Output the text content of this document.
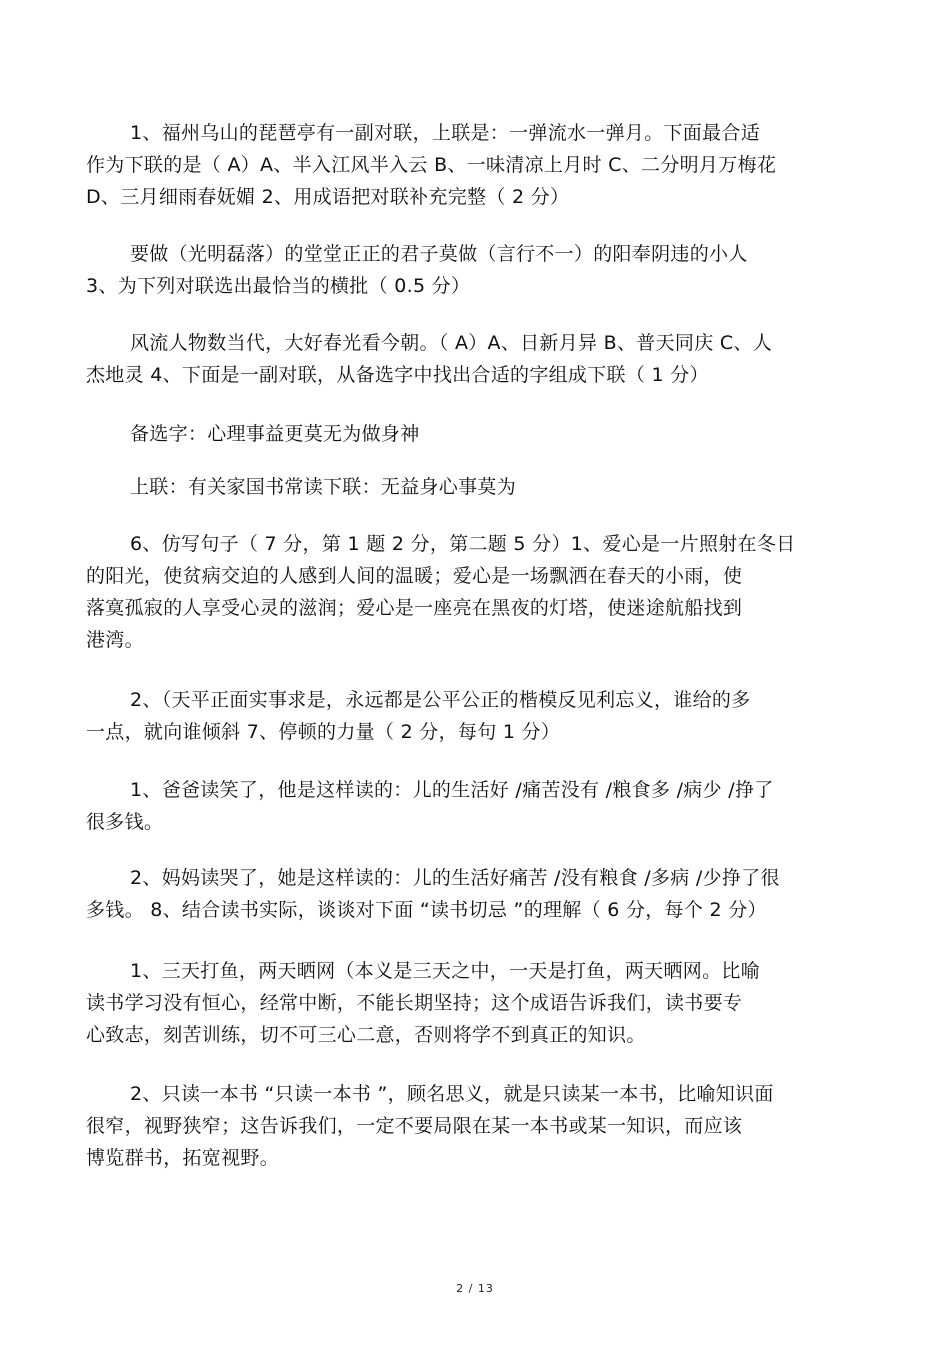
1、福州乌山的琵琶亭有一副对联，上联是：一弹流水一弹月。下面最合适
作为下联的是（ A）A、半入江风半入云 B、一味清凉上月时 C、二分明月万梅花
D、三月细雨春妩媚 2、用成语把对联补充完整（ 2 分）
要做（光明磊落）的堂堂正正的君子莫做（言行不一）的阳奉阴违的小人
3、为下列对联选出最恰当的横批（ 0.5 分）
风流人物数当代，大好春光看今朝。（ A）A、日新月异 B、普天同庆 C、人
杰地灵 4、下面是一副对联，从备选字中找出合适的字组成下联（ 1 分）
备选字：心理事益更莫无为做身神
上联：有关家国书常读下联：无益身心事莫为
6、仿写句子（ 7 分，第 1 题 2 分，第二题 5 分）1、爱心是一片照射在冬日
的阳光，使贫病交迫的人感到人间的温暖；爱心是一场飘洒在春天的小雨，使
落寞孤寂的人享受心灵的滋润；爱心是一座亮在黑夜的灯塔，使迷途航船找到
港湾。
2、（天平正面实事求是，永远都是公平公正的楷模反见利忘义，谁给的多
一点，就向谁倾斜 7、停顿的力量（ 2 分，每句 1 分）
1、爸爸读笑了，他是这样读的：儿的生活好 /痛苦没有 /粮食多 /病少 /挣了
很多钱。
2、妈妈读哭了，她是这样读的：儿的生活好痛苦 /没有粮食 /多病 /少挣了很
多钱。 8、结合读书实际，谈谈对下面 “读书切忌 ”的理解（ 6 分，每个 2 分）
1、三天打鱼，两天晒网（本义是三天之中，一天是打鱼，两天晒网。比喻
读书学习没有恒心，经常中断，不能长期坚持；这个成语告诉我们，读书要专
心致志，刻苦训练，切不可三心二意，否则将学不到真正的知识。
2、只读一本书 “只读一本书 ”，顾名思义，就是只读某一本书，比喻知识面
很窄，视野狭窄；这告诉我们，一定不要局限在某一本书或某一知识，而应该
博览群书，拓宽视野。
2 / 13
